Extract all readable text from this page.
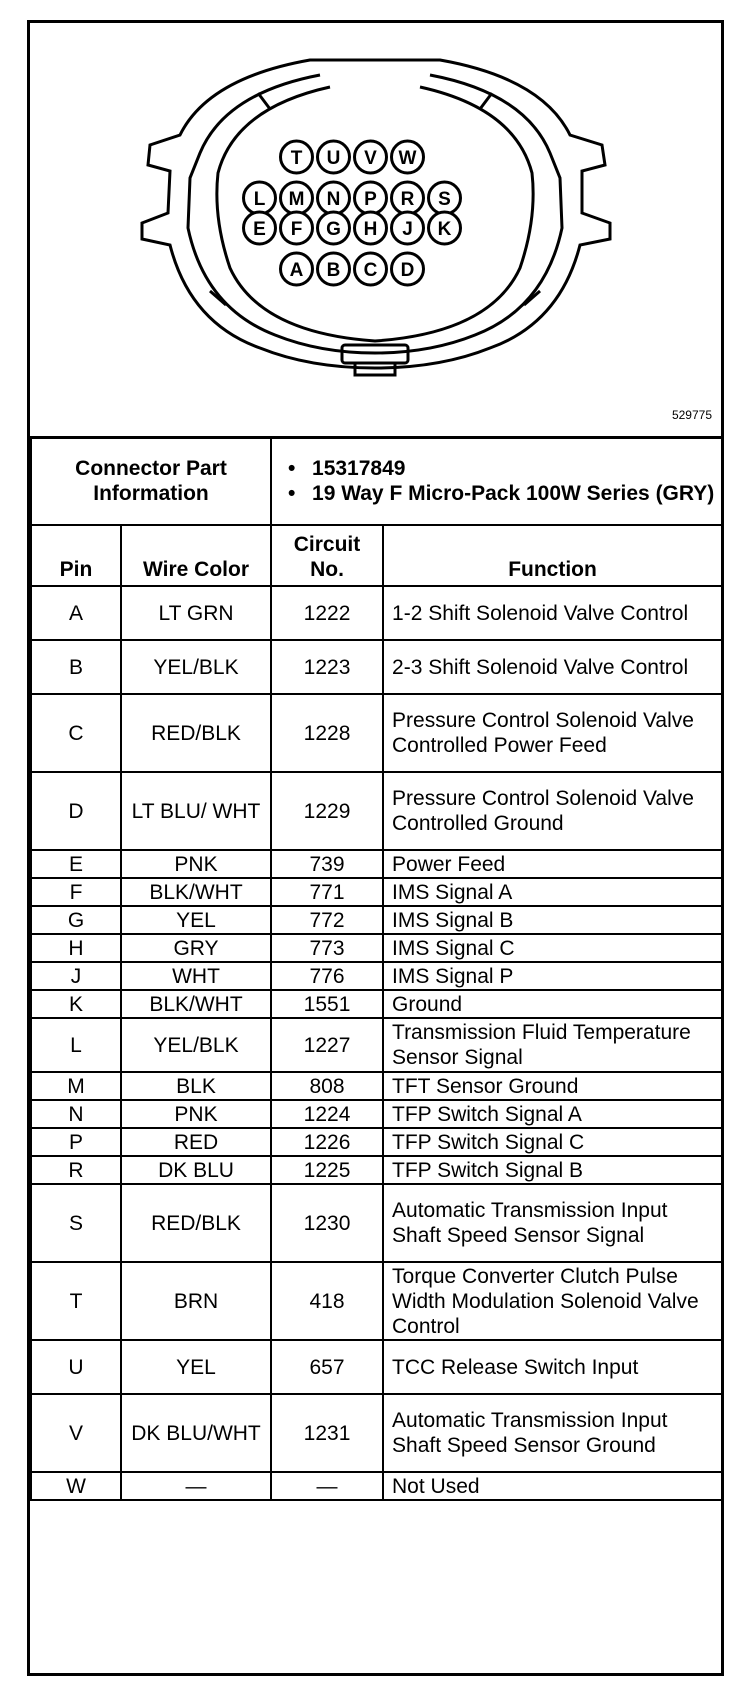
T U V W
L M N P R S
E F G H J K
A B C D
529775
Connector Part Information		• 15317849
• 19 Way F Micro-Pack 100W Series (GRY)

Pin	Wire Color	Circuit No.	Function
A	LT GRN	1222	1-2 Shift Solenoid Valve Control
B	YEL/BLK	1223	2-3 Shift Solenoid Valve Control
C	RED/BLK	1228	Pressure Control Solenoid Valve Controlled Power Feed
D	LT BLU/ WHT	1229	Pressure Control Solenoid Valve Controlled Ground
E	PNK	739	Power Feed
F	BLK/WHT	771	IMS Signal A
G	YEL	772	IMS Signal B
H	GRY	773	IMS Signal C
J	WHT	776	IMS Signal P
K	BLK/WHT	1551	Ground
L	YEL/BLK	1227	Transmission Fluid Temperature Sensor Signal
M	BLK	808	TFT Sensor Ground
N	PNK	1224	TFP Switch Signal A
P	RED	1226	TFP Switch Signal C
R	DK BLU	1225	TFP Switch Signal B
S	RED/BLK	1230	Automatic Transmission Input Shaft Speed Sensor Signal
T	BRN	418	Torque Converter Clutch Pulse Width Modulation Solenoid Valve Control
U	YEL	657	TCC Release Switch Input
V	DK BLU/WHT	1231	Automatic Transmission Input Shaft Speed Sensor Ground
W	—	—	Not Used
